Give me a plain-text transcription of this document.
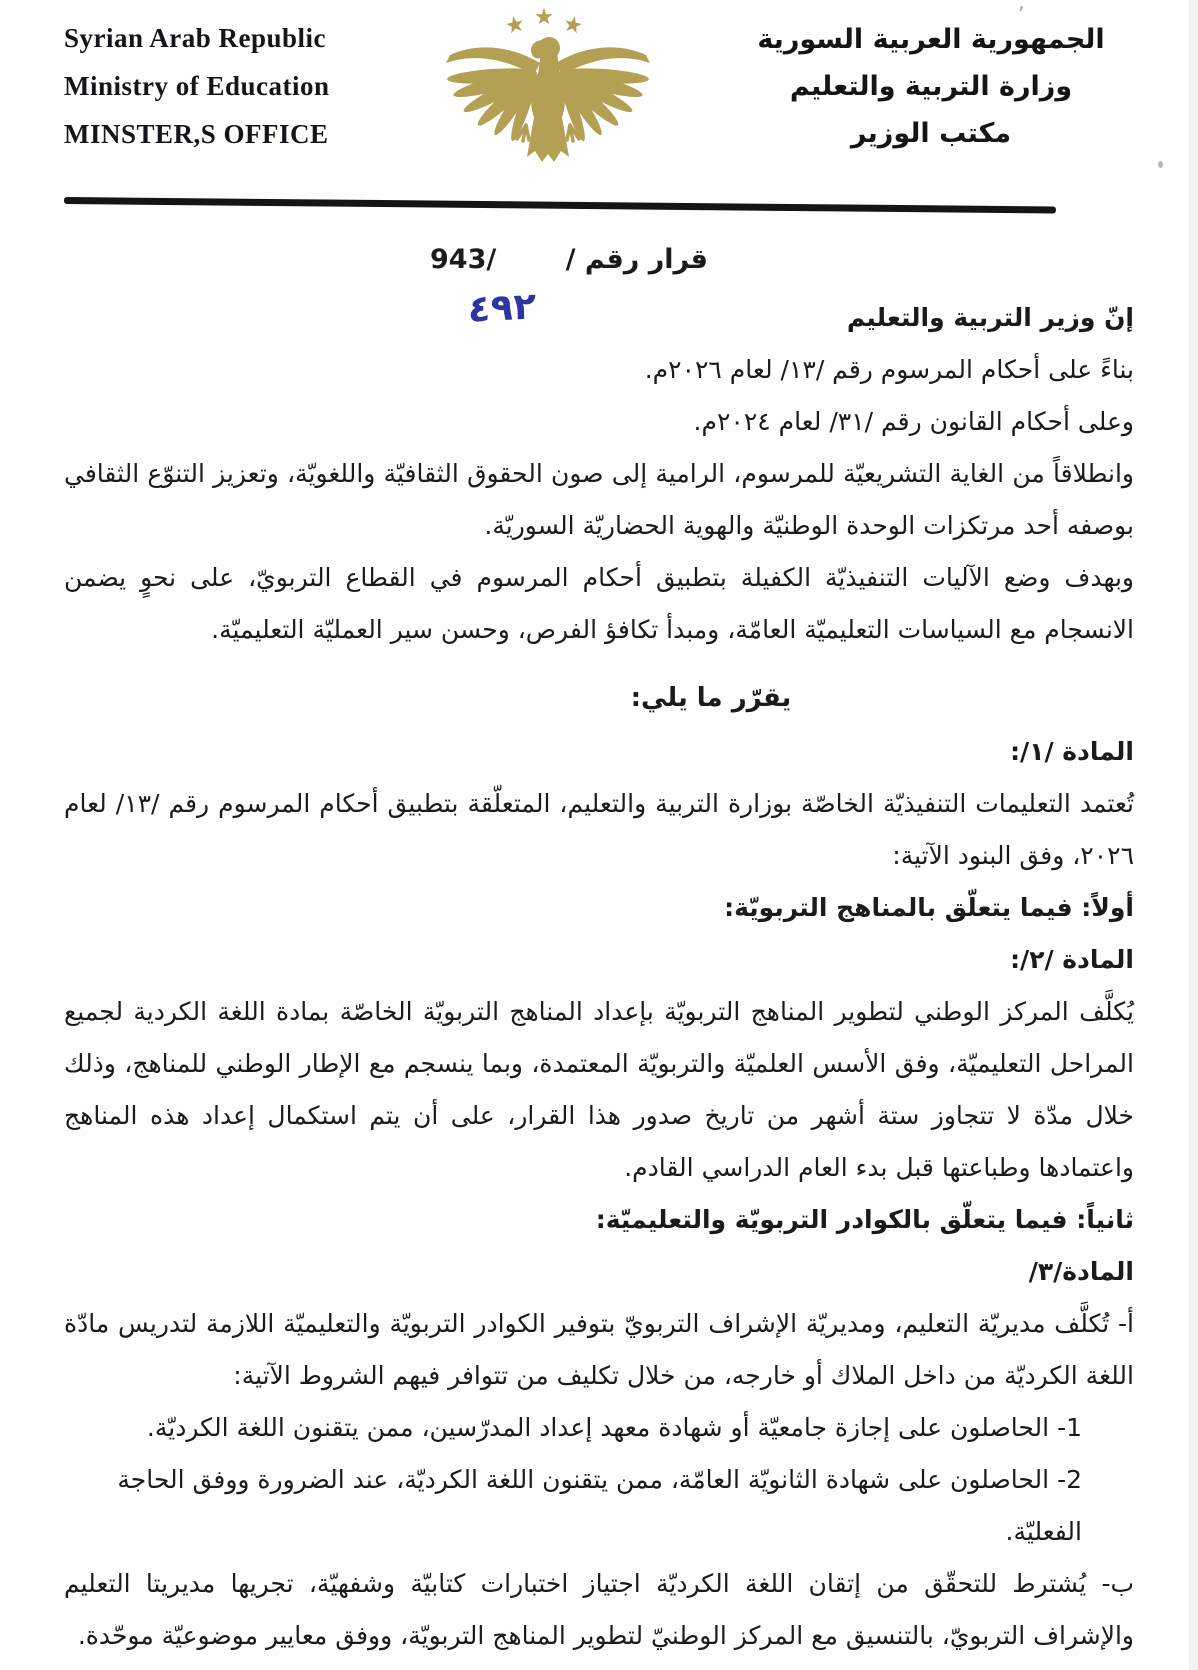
Syrian Arab Republic
Ministry of Education
MINSTER,S OFFICE
الجمهورية العربية السورية
وزارة التربية والتعليم
مكتب الوزير
٬
943/	قرار رقم /
٤٩٢	إنّ وزير التربية والتعليم
بناءً على أحكام المرسوم رقم /١٣/ لعام ٢٠٢٦م.
وعلى أحكام القانون رقم /٣١/ لعام ٢٠٢٤م.
وانطلاقاً من الغاية التشريعيّة للمرسوم، الرامية إلى صون الحقوق الثقافيّة واللغويّة، وتعزيز التنوّع الثقافي بوصفه أحد مرتكزات الوحدة الوطنيّة والهوية الحضاريّة السوريّة.
وبهدف وضع الآليات التنفيذيّة الكفيلة بتطبيق أحكام المرسوم في القطاع التربويّ، على نحوٍ يضمن الانسجام مع السياسات التعليميّة العامّة، ومبدأ تكافؤ الفرص، وحسن سير العمليّة التعليميّة.
يقرّر ما يلي:
المادة /١/:
تُعتمد التعليمات التنفيذيّة الخاصّة بوزارة التربية والتعليم، المتعلّقة بتطبيق أحكام المرسوم رقم /١٣/ لعام ٢٠٢٦، وفق البنود الآتية:
أولاً: فيما يتعلّق بالمناهج التربويّة:
المادة /٢/:
يُكلَّف المركز الوطني لتطوير المناهج التربويّة بإعداد المناهج التربويّة الخاصّة بمادة اللغة الكردية لجميع المراحل التعليميّة، وفق الأسس العلميّة والتربويّة المعتمدة، وبما ينسجم مع الإطار الوطني للمناهج، وذلك خلال مدّة لا تتجاوز ستة أشهر من تاريخ صدور هذا القرار، على أن يتم استكمال إعداد هذه المناهج واعتمادها وطباعتها قبل بدء العام الدراسي القادم.
ثانياً: فيما يتعلّق بالكوادر التربويّة والتعليميّة:
المادة/٣/
أ- تُكلَّف مديريّة التعليم، ومديريّة الإشراف التربويّ بتوفير الكوادر التربويّة والتعليميّة اللازمة لتدريس مادّة اللغة الكرديّة من داخل الملاك أو خارجه، من خلال تكليف من تتوافر فيهم الشروط الآتية:
1- الحاصلون على إجازة جامعيّة أو شهادة معهد إعداد المدرّسين، ممن يتقنون اللغة الكرديّة.
2- الحاصلون على شهادة الثانويّة العامّة، ممن يتقنون اللغة الكرديّة، عند الضرورة ووفق الحاجة الفعليّة.
ب- يُشترط للتحقّق من إتقان اللغة الكرديّة اجتياز اختبارات كتابيّة وشفهيّة، تجريها مديريتا التعليم والإشراف التربويّ، بالتنسيق مع المركز الوطنيّ لتطوير المناهج التربويّة، ووفق معايير موضوعيّة موحّدة.
